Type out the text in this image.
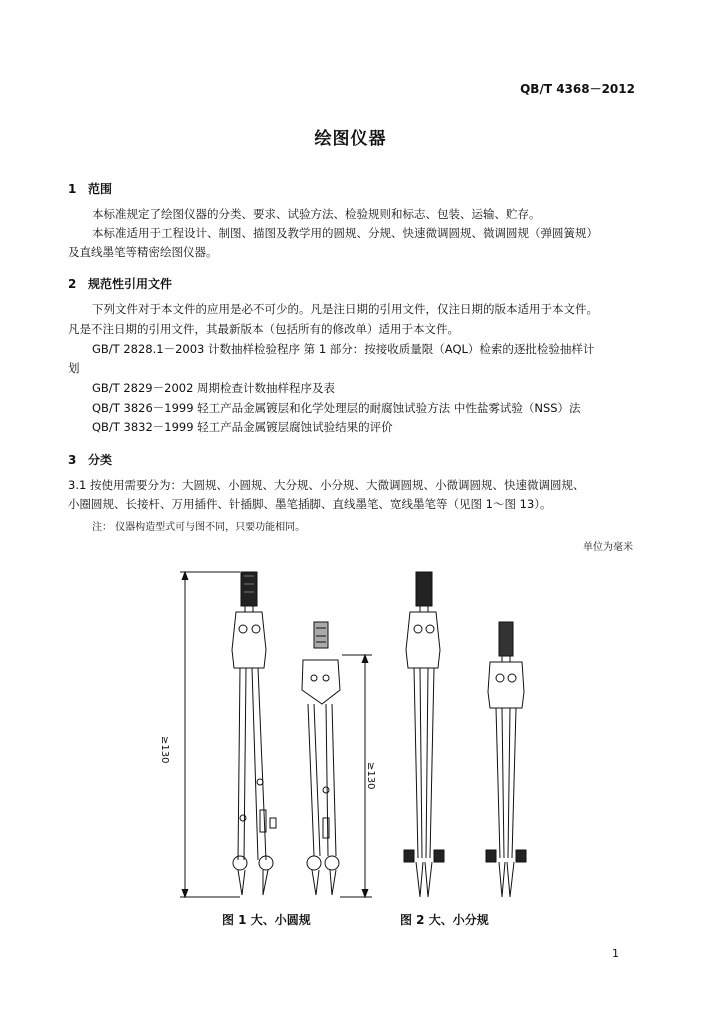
QB/T 4368－2012
绘图仪器
1 范围
本标准规定了绘图仪器的分类、要求、试验方法、检验规则和标志、包装、运输、贮存。
本标准适用于工程设计、制图、描图及教学用的圆规、分规、快速微调圆规、微调圆规（弹圆簧规）
及直线墨笔等精密绘图仪器。
2 规范性引用文件
下列文件对于本文件的应用是必不可少的。凡是注日期的引用文件，仅注日期的版本适用于本文件。
凡是不注日期的引用文件，其最新版本（包括所有的修改单）适用于本文件。
GB/T 2828.1－2003 计数抽样检验程序 第 1 部分：按接收质量限（AQL）检索的逐批检验抽样计
划
GB/T 2829－2002 周期检查计数抽样程序及表
QB/T 3826－1999 轻工产品金属镀层和化学处理层的耐腐蚀试验方法 中性盐雾试验（NSS）法
QB/T 3832－1999 轻工产品金属镀层腐蚀试验结果的评价
3 分类
3.1 按使用需要分为：大圆规、小圆规、大分规、小分规、大微调圆规、小微调圆规、快速微调圆规、
小圈圆规、长接杆、万用插件、针插脚、墨笔插脚、直线墨笔、宽线墨笔等（见图 1～图 13）。
注： 仪器构造型式可与图不同，只要功能相同。
单位为毫米
≥130
≥130
图 1 大、小圆规	图 2 大、小分规
1
